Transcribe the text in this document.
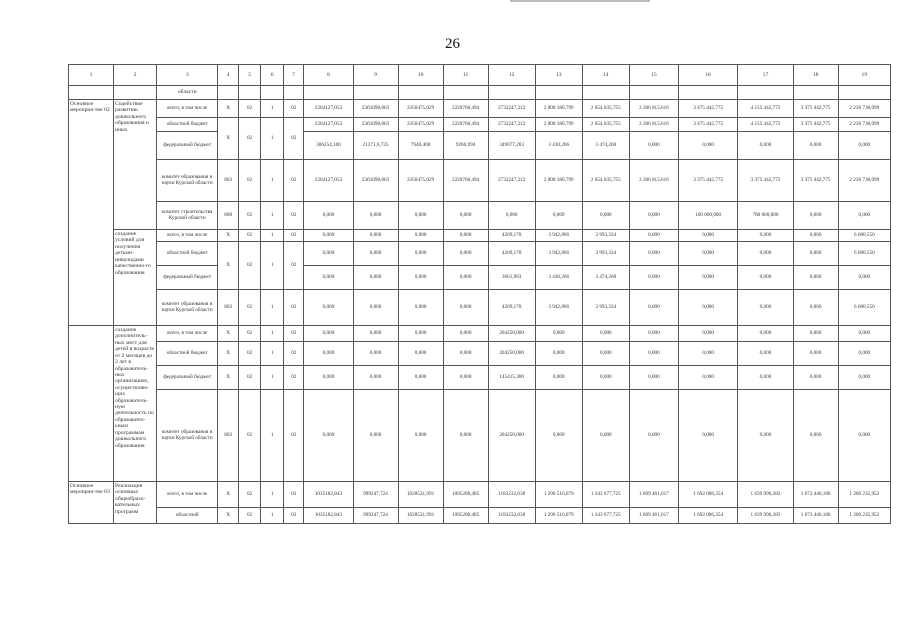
26
1	2	3	4	5	6	7	8	9	10	11	12	13	14	15	16	17	18	19
		области																
Основное мероприя-тие 02	Содействие развитию дошкольного образования и иных	всего, в том числе	X	02	1	02	2264127,053	2361098,863	2350475,029	2220768,494	2732247,212	2 808 180,799	2 654 035,755	3 306 813,616	3 475 442,775	4 155 442,775	3 375 442,775	2 230 738,099
		областной бюджет	X	02	1	02	2264127,053	2361098,863	2350475,029	2220768,494	2732247,212	2 808 180,799	2 654 035,755	3 306 813,616	3 475 442,775	4 155 442,775	3 375 442,775	2 230 738,099
		федеральный бюджет					306254,100	21371,6,725	7940,400	9266,994	349077,263	3 430,266	3 474,260	0,000	0,000	0,000	0,000	0,000
		комитет образования и науки Курской области	803	02	1	02	2264127,053	2361098,863	2350475,029	2220768,494	2732247,212	2 808 180,799	2 654 035,755	3 306 813,616	3 375 442,775	3 375 442,775	3 375 442,775	2 230 738,099
		комитет строительства Курской области	808	02	1	02	0,000	0,000	0,000	0,000	0,000	0,000	0,000	0,000	100 000,000	780 000,000	0,000	0,000
	создание условий для получения детьми-инвалидами качественно-го образования	всего, в том числе	X	02	1	02	0,000	0,000	0,000	0,000	4209,170	3 942,866	3 993,334	0,000	0,000	0,000	0,000	6 680,550
		областной бюджет	X	02	1	02	0,000	0,000	0,000	0,000	4209,170	3 942,866	3 993,334	0,000	0,000	0,000	0,000	6 680,550
		федеральный бюджет					0,000	0,000	0,000	0,000	3661,963	3 430,266	3 474,260	0,000	0,000	0,000	0,000	0,000
		комитет образования и науки Курской области	803	02	1	02	0,000	0,000	0,000	0,000	4209,170	3 942,866	3 993,334	0,000	0,000	0,000	0,000	6 680,550
	создание дополнитель-ных мест для детей в возрасте от 2 месяцев до 3 лет в образователь-ных организациях, осуществляю-щих образователь-ную деятельность по образовател-ьным программам дошкольного образования	всего, в том числе	X	02	1	02	0,000	0,000	0,000	0,000	204250,000	0,000	0,000	0,000	0,000	0,000	0,000	0,000
		областной бюджет	X	02	1	02	0,000	0,000	0,000	0,000	204250,000	0,000	0,000	0,000	0,000	0,000	0,000	0,000
		федеральный бюджет	X	02	1	02	0,000	0,000	0,000	0,000	145415,300	0,000	0,000	0,000	0,000	0,000	0,000	0,000
		комитет образования и науки Курской области	803	02	1	02	0,000	0,000	0,000	0,000	204250,000	0,000	0,000	0,000	0,000	0,000	0,000	0,000
Основное мероприя-тие 03	Реализация основных общеобразо-вательных программ	всего, в том числе	X	02	1	03	1035182,843	999247,724	1028531,991	1095208,485	1183232,038	1 296 516,079	1 343 677,725	1 609 461,017	1 692 006,354	1 639 996,383	1 673 440,180	1 200 235,952
		областной	X	02	1	03	1035182,843	999247,724	1028531,991	1095208,485	1183232,038	1 296 516,079	1 343 677,725	1 609 461,017	1 692 006,354	1 639 996,383	1 673 440,180	1 200 235,952
